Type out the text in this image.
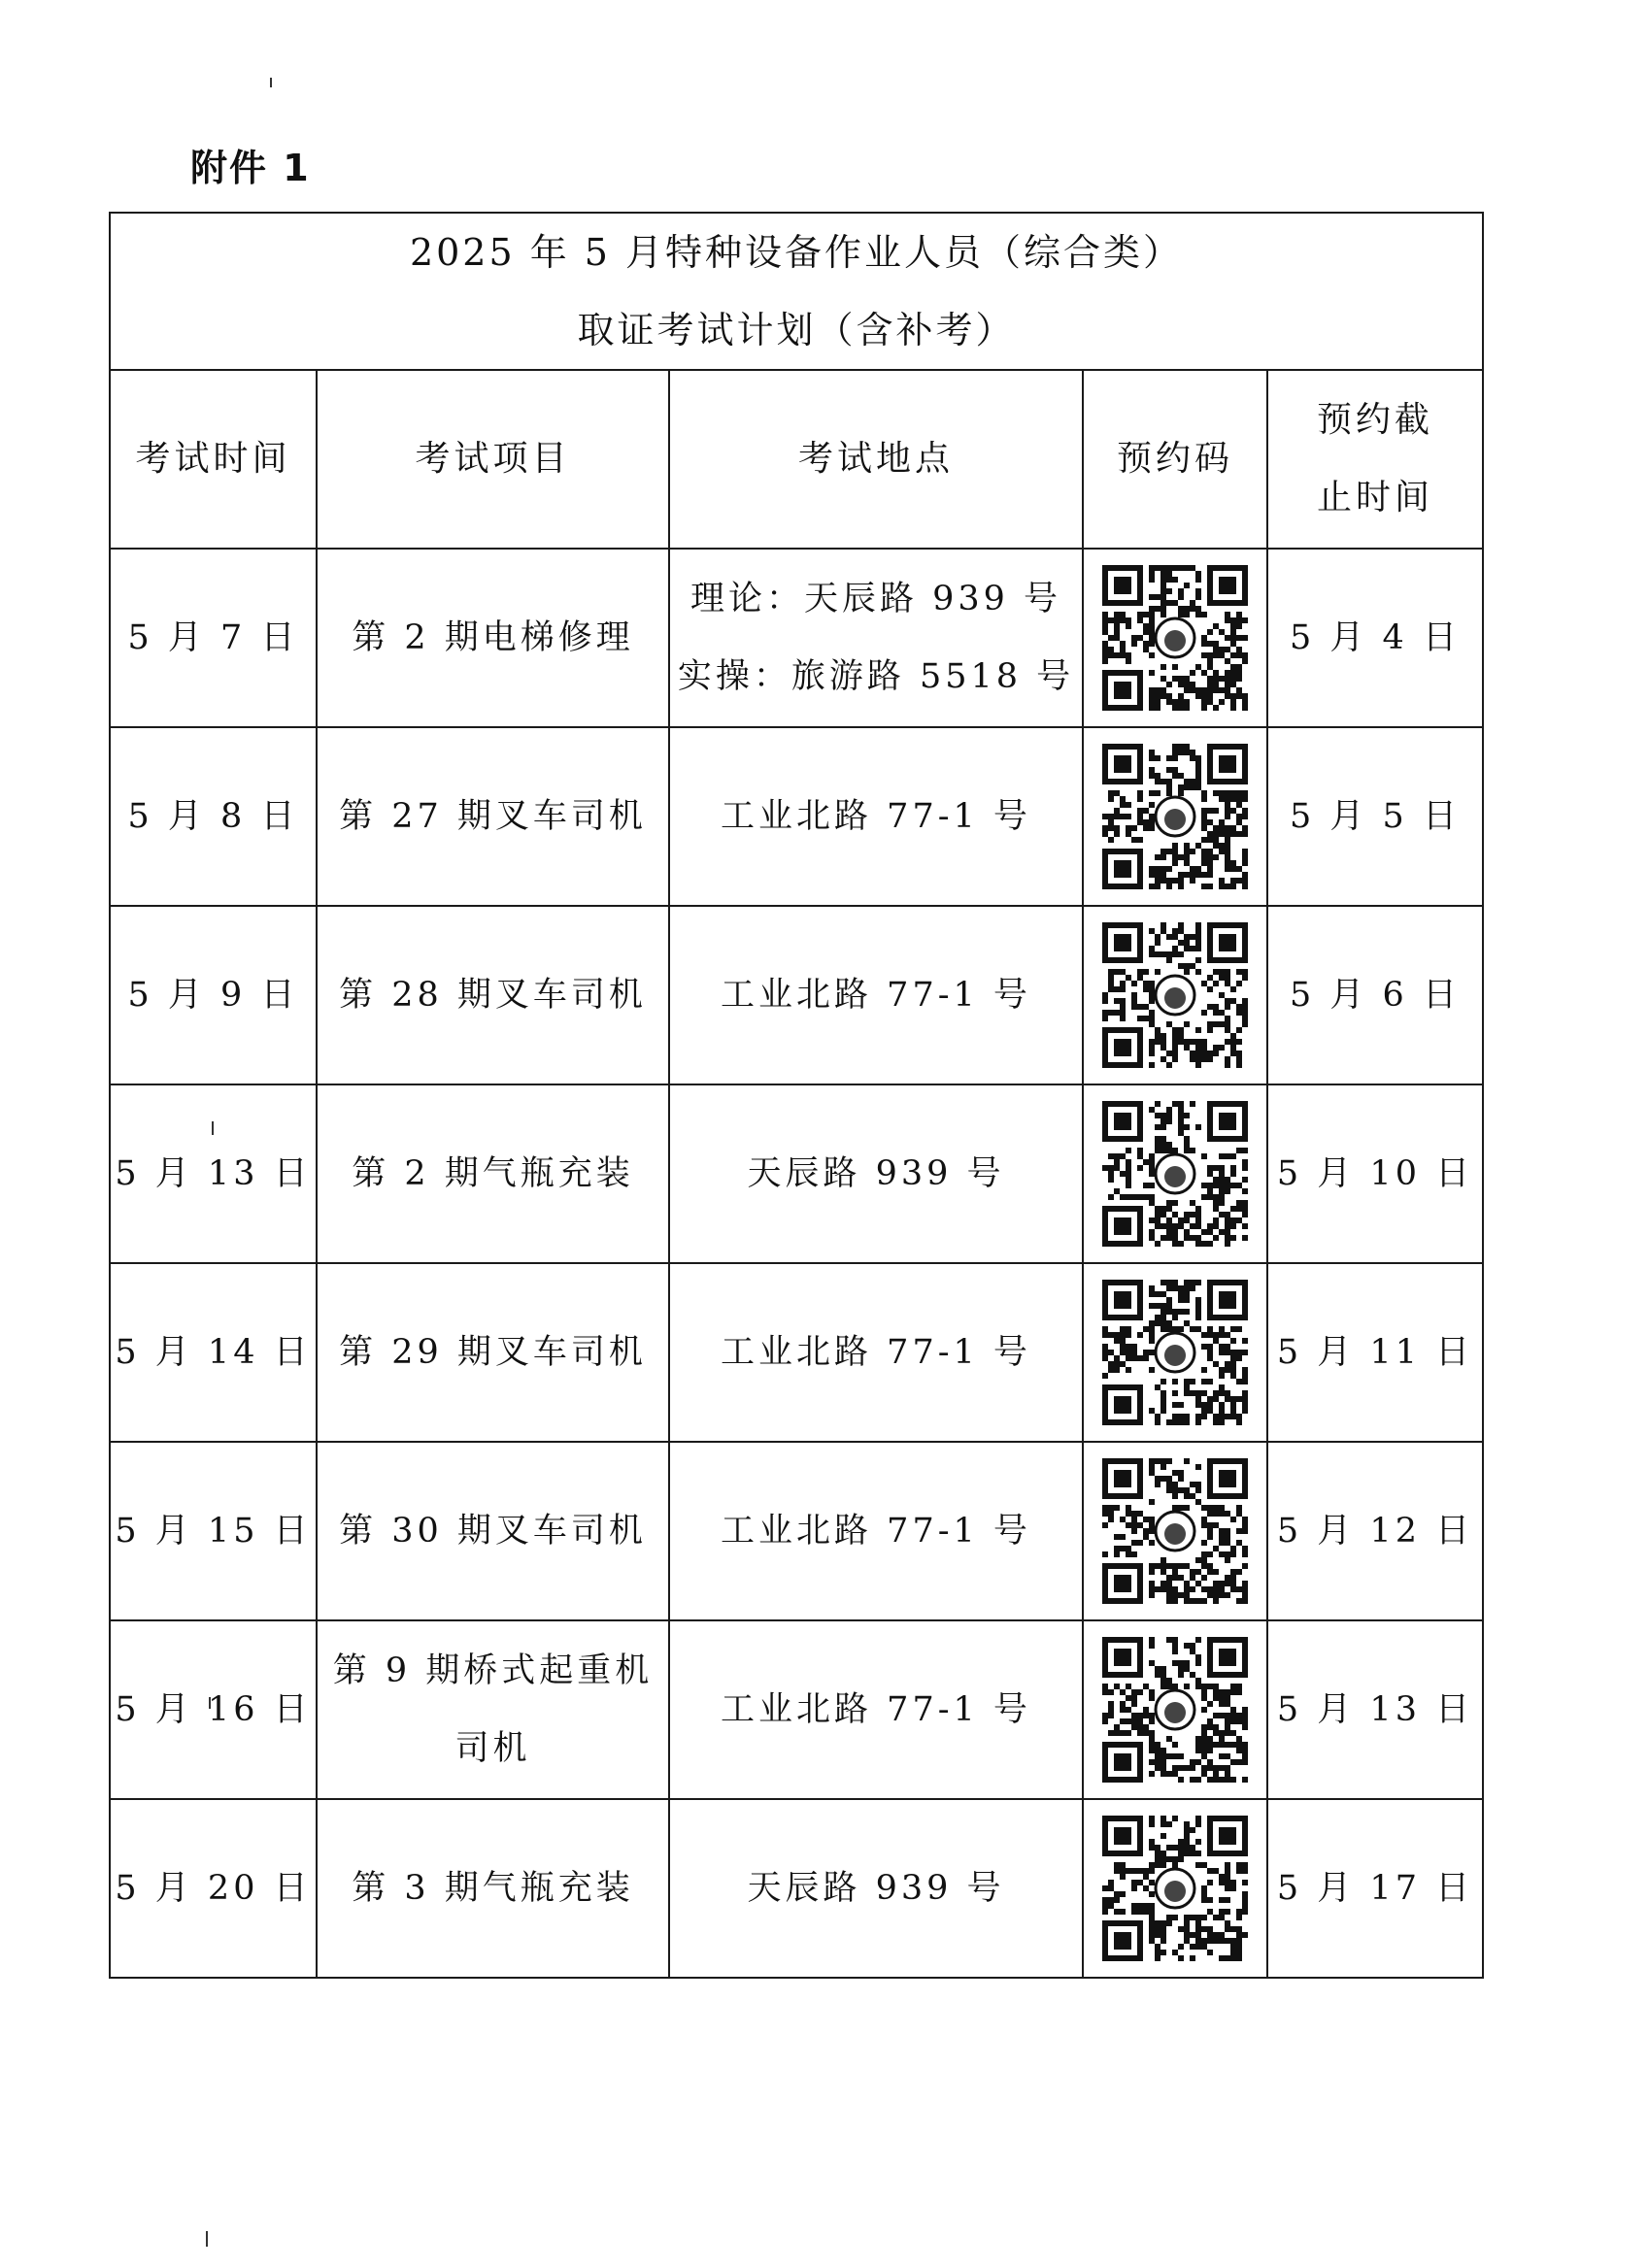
附件 1
2025 年 5 月特种设备作业人员（综合类）
取证考试计划（含补考）				

考试时间	考试项目	考试地点	预约码	预约截
止时间

5 月 7 日	第 2 期电梯修理	理论：天辰路 939 号
实操：旅游路 5518 号		5 月 4 日
5 月 8 日	第 27 期叉车司机	工业北路 77-1 号		5 月 5 日
5 月 9 日	第 28 期叉车司机	工业北路 77-1 号		5 月 6 日
5 月 13 日	第 2 期气瓶充装	天辰路 939 号		5 月 10 日
5 月 14 日	第 29 期叉车司机	工业北路 77-1 号		5 月 11 日
5 月 15 日	第 30 期叉车司机	工业北路 77-1 号		5 月 12 日
5 月 16 日	第 9 期桥式起重机
司机	工业北路 77-1 号		5 月 13 日
5 月 20 日	第 3 期气瓶充装	天辰路 939 号		5 月 17 日
